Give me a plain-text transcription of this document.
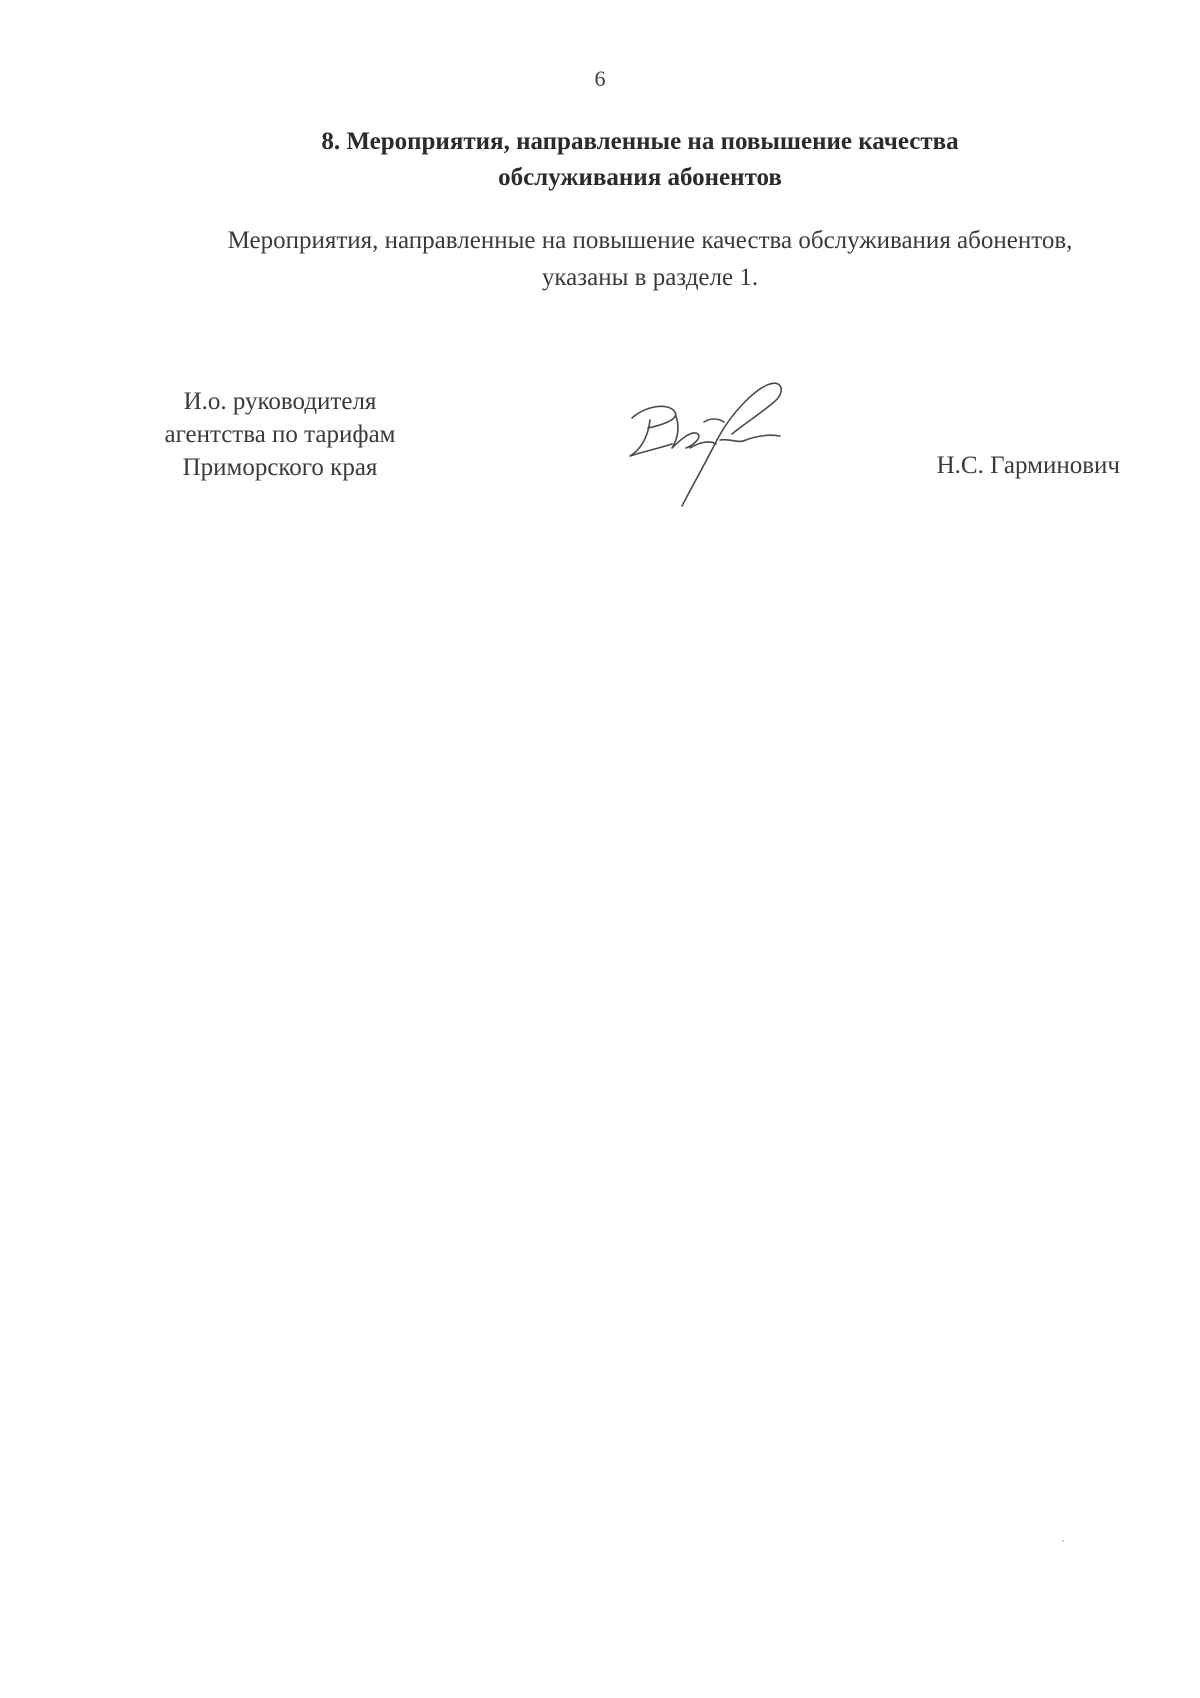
6
8. Мероприятия, направленные на повышение качества
обслуживания абонентов
Мероприятия, направленные на повышение качества обслуживания абонентов,
указаны в разделе 1.
И.о. руководителя
агентства по тарифам
Приморского края	Н.С. Гарминович
